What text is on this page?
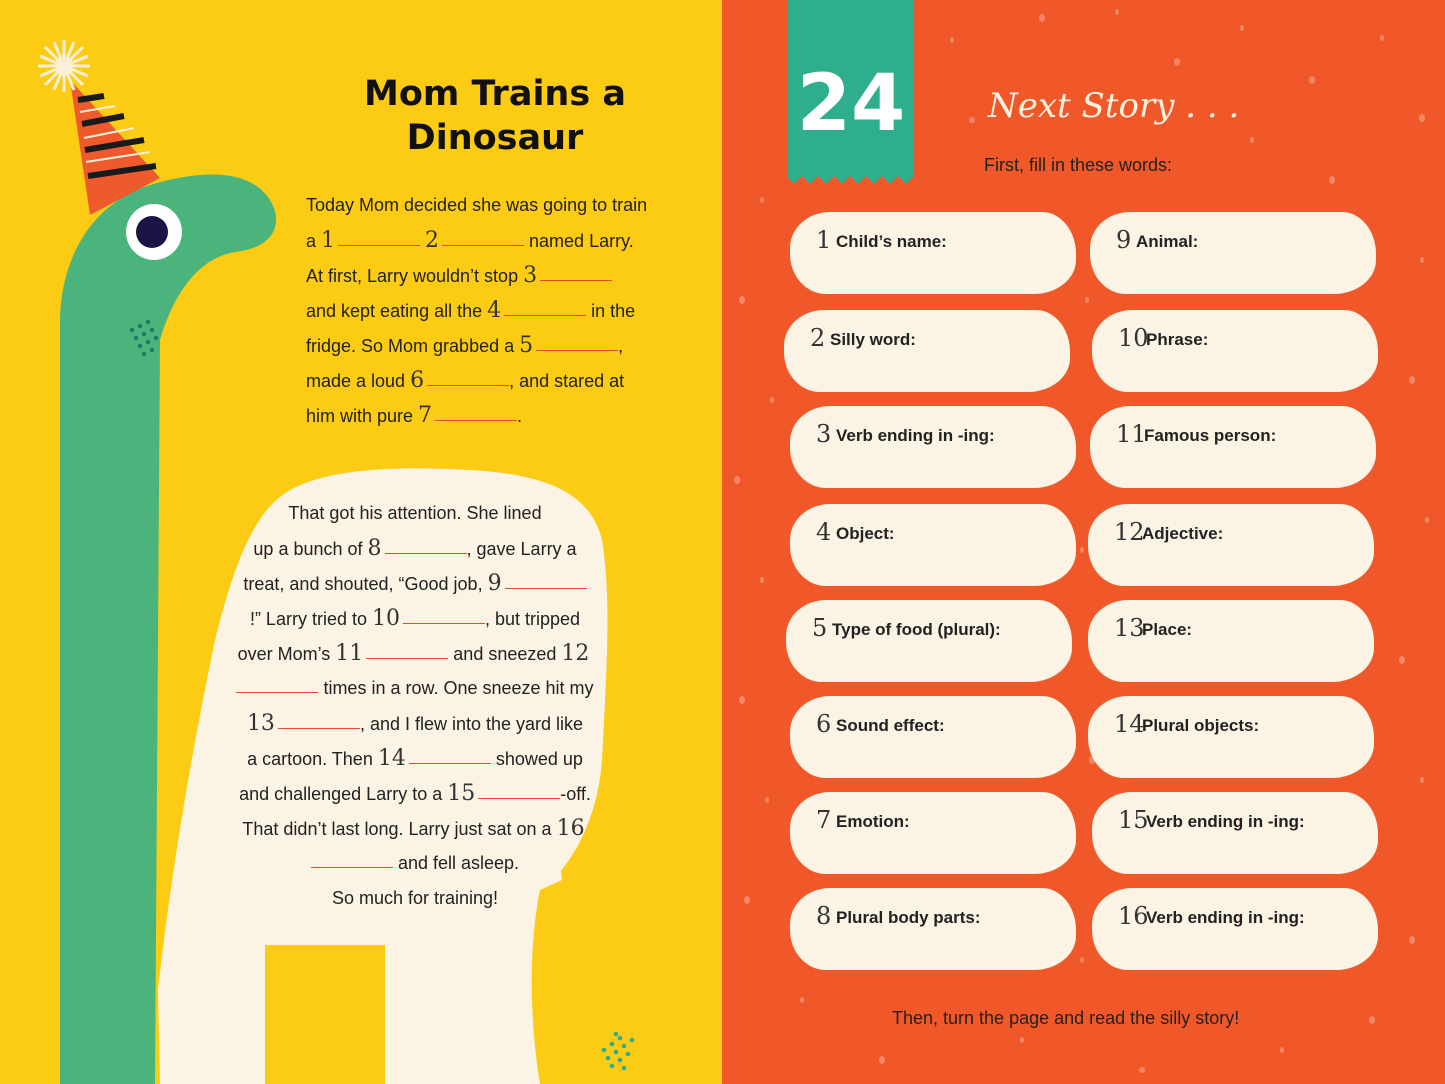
Mom Trains a Dinosaur
Today Mom decided she was going to train
a 1	2	named Larry.
At first, Larry wouldn’t stop 3
and kept eating all the 4	in the
fridge. So Mom grabbed a 5	,
made a loud 6	, and stared at
him with pure 7	.
That got his attention. She lined
up a bunch of 8	, gave Larry a
treat, and shouted, “Good job, 9
!” Larry tried to 10	, but tripped
over Mom’s 11	and sneezed 12
times in a row. One sneeze hit my
13	, and I flew into the yard like
a cartoon. Then 14	showed up
and challenged Larry to a 15	-off.
That didn’t last long. Larry just sat on a 16
and fell asleep.
So much for training!
24 Next Story . . .
First, fill in these words:
1 Child’s name:
2 Silly word:
3 Verb ending in -ing:
4 Object:
5 Type of food (plural):
6 Sound effect:
7 Emotion:
8 Plural body parts:
9 Animal:
10
Phrase:
11
Famous person:
12
Adjective:
13
Place:
14
Plural objects:
15
Verb ending in -ing:
16
Verb ending in -ing:
Then, turn the page and read the silly story!
